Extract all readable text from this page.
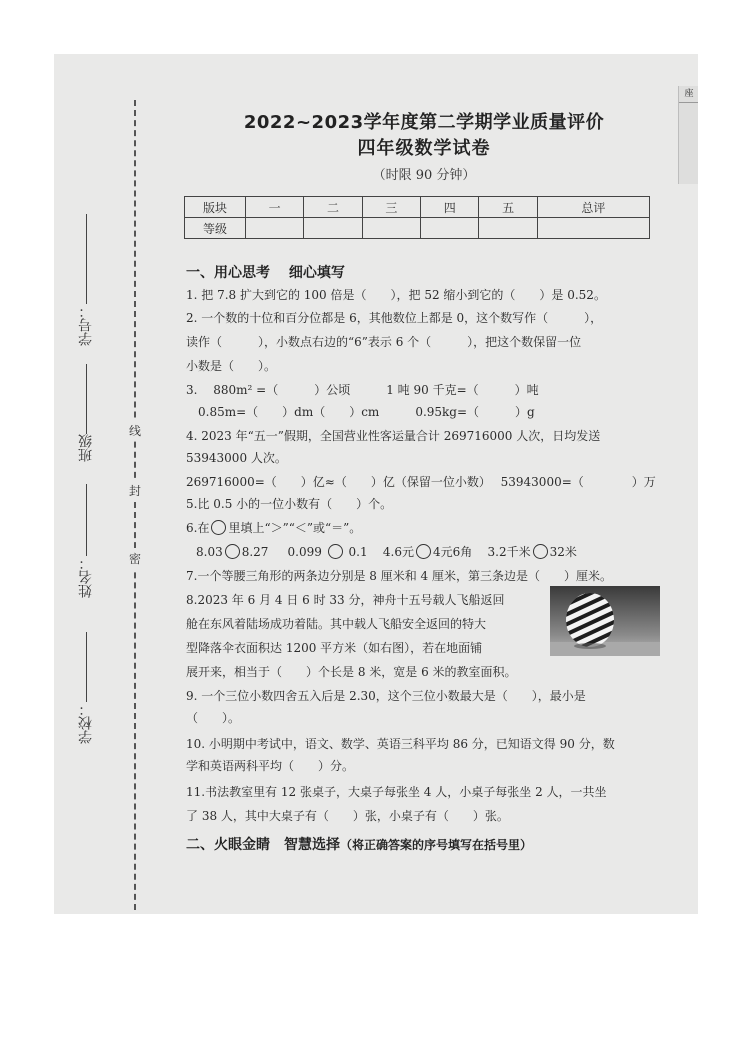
座
线
封
密
学号：
班级
姓名：
学校：
2022~2023学年度第二学期学业质量评价
四年级数学试卷
（时限 90 分钟）
版块	一	二	三	四	五	总评
等级						
一、用心思考　 细心填写
1. 把 7.8 扩大到它的 100 倍是（　　），把 52 缩小到它的（　　）是 0.52。
2. 一个数的十位和百分位都是 6，其他数位上都是 0，这个数写作（　　　），
读作（　　　），小数点右边的“6”表示 6 个（　　　），把这个数保留一位
小数是（　　）。
3.　 880m² =（　　　）公顷　　　1 吨 90 千克=（　　　）吨
　0.85m=（　　）dm（　　）cm　　　0.95kg=（　　　）g
4. 2023 年“五一”假期，全国营业性客运量合计 269716000 人次，日均发送
53943000 人次。
269716000=（　　）亿≈（　　）亿（保留一位小数）　 53943000=（　　　　）万
5.比 0.5 小的一位小数有（　　）个。
6.在 里填上“＞”“＜”或“＝”。
8.03 8.27 0.099 0.1 4.6元 4元6角 3.2千米 32米
7.一个等腰三角形的两条边分别是 8 厘米和 4 厘米，第三条边是（　　）厘米。
8.2023 年 6 月 4 日 6 时 33 分，神舟十五号载人飞船返回
舱在东风着陆场成功着陆。其中载人飞船安全返回的特大
型降落伞衣面积达 1200 平方米（如右图），若在地面铺
展开来，相当于（　　）个长是 8 米，宽是 6 米的教室面积。
9. 一个三位小数四舍五入后是 2.30，这个三位小数最大是（　　），最小是
（　　）。
10. 小明期中考试中，语文、数学、英语三科平均 86 分，已知语文得 90 分，数
学和英语两科平均（　　）分。
11.书法教室里有 12 张桌子，大桌子每张坐 4 人，小桌子每张坐 2 人，一共坐
了 38 人，其中大桌子有（　　）张，小桌子有（　　）张。
二、火眼金睛　智慧选择（将正确答案的序号填写在括号里）
